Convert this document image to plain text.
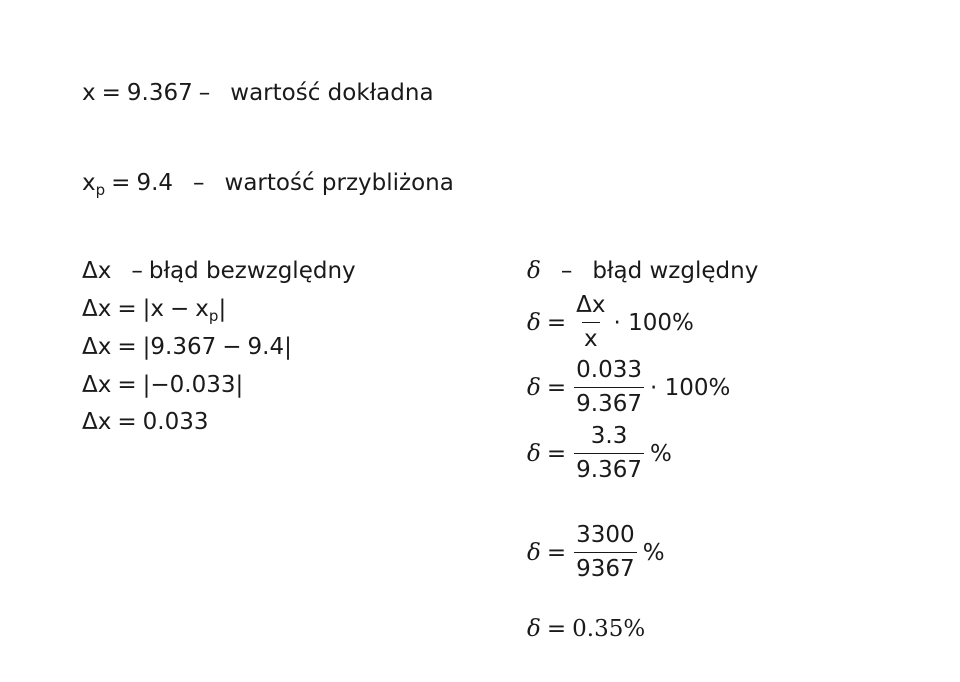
x = 9.367 – wartość dokładna
$x_p = 9.4$ – wartość przybliżona
Δx – błąd bezwzględny
$\Delta x = |x - x_p|$
Δx = |9.367 − 9.4|
Δx = |−0.033|
Δx = 0.033
δ – błąd względny
$\delta = \frac{\Delta x}{x} \cdot 100\%$
$\delta = \frac{0.033}{9.367} \cdot 100\%$
$\delta = \frac{3.3}{9.367}$ %
$\delta = \frac{3300}{9367}$ %
δ = 0.35%
